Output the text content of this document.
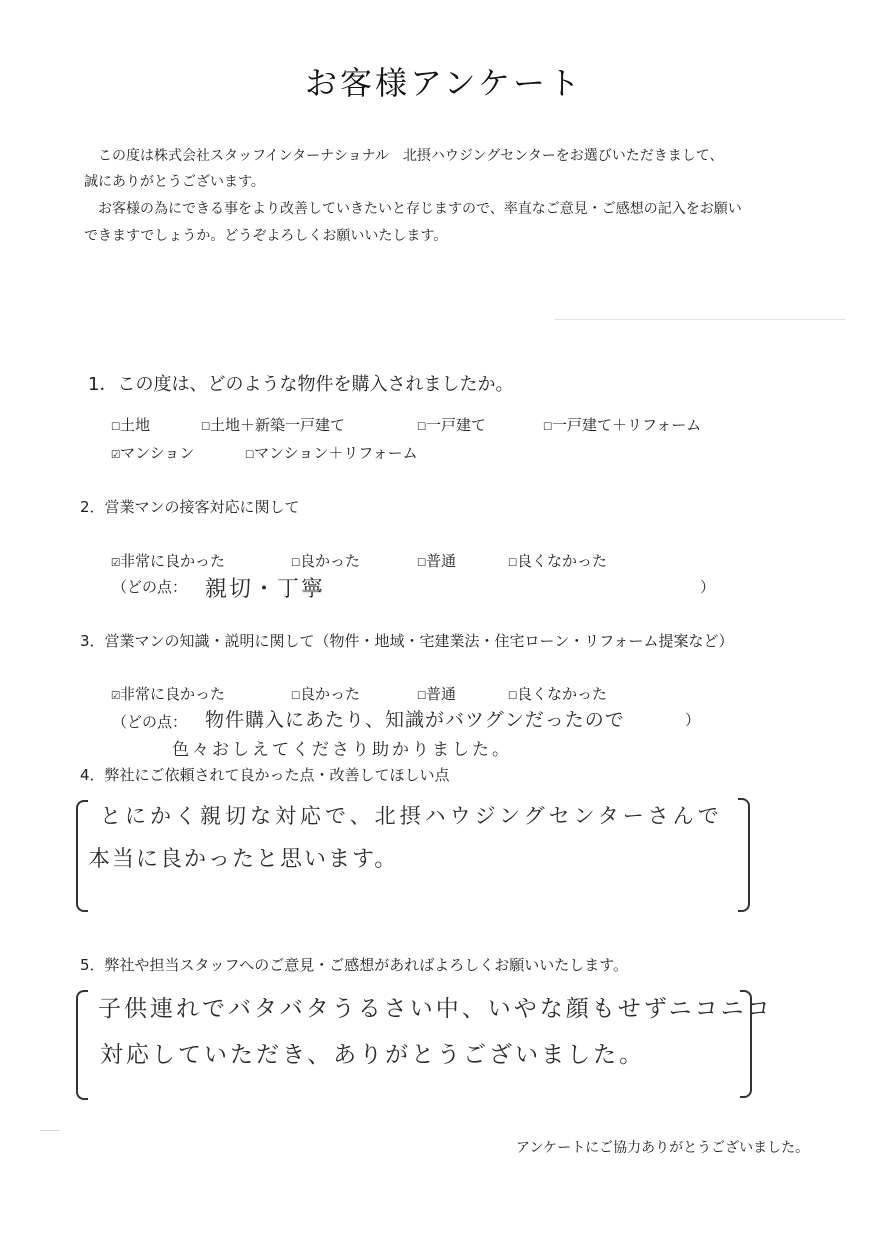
お客様アンケート
この度は株式会社スタッフインターナショナル　北摂ハウジングセンターをお選びいただきまして、
誠にありがとうございます。
お客様の為にできる事をより改善していきたいと存じますので、率直なご意見・ご感想の記入をお願い
できますでしょうか。どうぞよろしくお願いいたします。
1．この度は、どのような物件を購入されましたか。
☐土地	☐土地＋新築一戸建て	☐一戸建て	☐一戸建て＋リフォーム
☑マンション	☐マンション＋リフォーム
2．営業マンの接客対応に関して
☑非常に良かった	☐良かった	☐普通	☐良くなかった
（どの点： 親切・丁寧	）
3．営業マンの知識・説明に関して（物件・地域・宅建業法・住宅ローン・リフォーム提案など）
☑非常に良かった	☐良かった	☐普通	☐良くなかった
（どの点： 物件購入にあたり、知識がバツグンだったので
色々おしえてくださり助かりました。
）
4．弊社にご依頼されて良かった点・改善してほしい点
とにかく親切な対応で、北摂ハウジングセンターさんで
本当に良かったと思います。
5．弊社や担当スタッフへのご意見・ご感想があればよろしくお願いいたします。
子供連れでバタバタうるさい中、いやな顔もせずニコニコ
対応していただき、ありがとうございました。
アンケートにご協力ありがとうございました。
